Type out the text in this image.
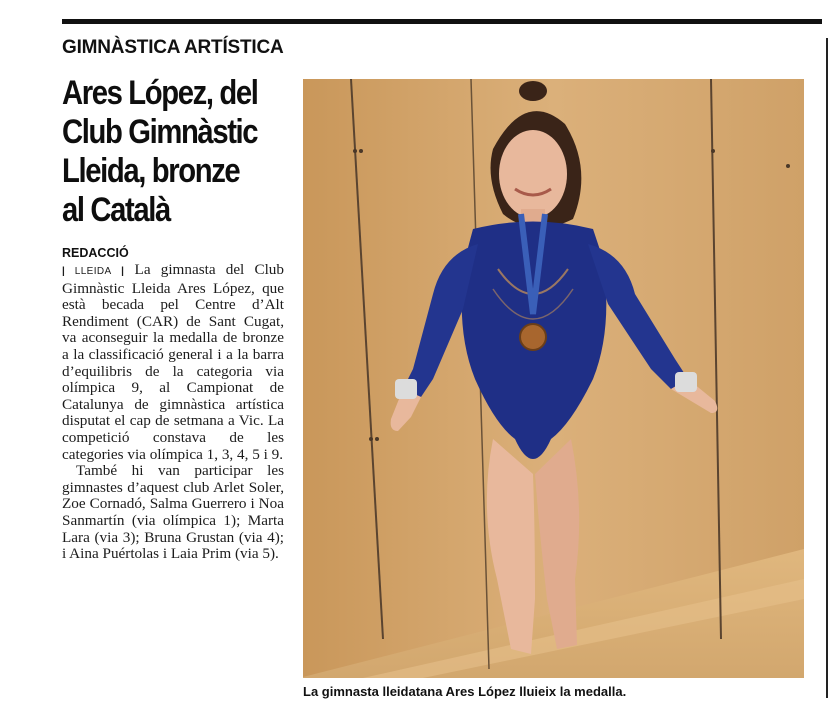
GIMNÀSTICA ARTÍSTICA
Ares López, del
Club Gimnàstic
Lleida, bronze
al Català
REDACCIÓ

| LLEIDA | La gimnasta del Club Gimnàstic Lleida Ares López, que està becada pel Centre d’Alt Rendiment (CAR) de Sant Cugat, va aconseguir la medalla de bronze a la classificació general i a la barra d’equilibris de la categoria via olímpica 9, al Campionat de Catalunya de gimnàstica artística disputat el cap de setmana a Vic. La competició constava de les categories via olímpica 1, 3, 4, 5 i 9.

També hi van participar les gimnastes d’aquest club Arlet Soler, Zoe Cornadó, Salma Guerrero i Noa Sanmartín (via olímpica 1); Marta Lara (via 3); Bruna Grustan (via 4); i Aina Puértolas i Laia Prim (via 5).

La gimnasta lleidatana Ares López lluieix la medalla.
